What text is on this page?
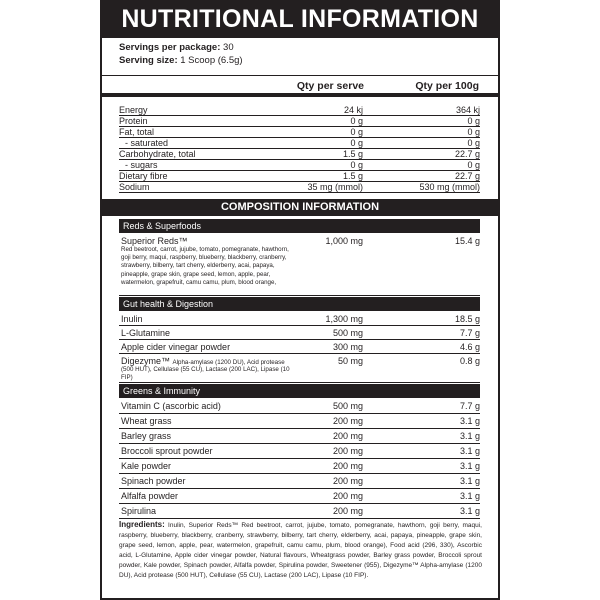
NUTRITIONAL INFORMATION
Servings per package: 30
Serving size: 1 Scoop (6.5g)
Qty per serve	Qty per 100g
Energy	24 kj	364 kj
Protein	0 g	0 g
Fat, total	0 g	0 g
- saturated	0 g	0 g
Carbohydrate, total	1.5 g	22.7 g
- sugars	0 g	0 g
Dietary fibre	1.5 g	22.7 g
Sodium	35 mg (mmol)	530 mg (mmol)
COMPOSITION INFORMATION
Reds & Superfoods
Superior Reds™	1,000 mg	15.4 g
Red beetroot, carrot, jujube, tomato, pomegranate, hawthorn, goji berry, maqui, raspberry, blueberry, blackberry, cranberry, strawberry, bilberry, tart cherry, elderberry, acai, papaya, pineapple, grape skin, grape seed, lemon, apple, pear, watermelon, grapefruit, camu camu, plum, blood orange,
Gut health & Digestion
Inulin	1,300 mg	18.5 g
L-Glutamine	500 mg	7.7 g
Apple cider vinegar powder	300 mg	4.6 g
Digezyme™ Alpha-amylase (1200 DU), Acid protease	50 mg	0.8 g
(500 HUT), Cellulase (55 CU), Lactase (200 LAC), Lipase (10 FIP)
Greens & Immunity
Vitamin C (ascorbic acid)	500 mg	7.7 g
Wheat grass	200 mg	3.1 g
Barley grass	200 mg	3.1 g
Broccoli sprout powder	200 mg	3.1 g
Kale powder	200 mg	3.1 g
Spinach powder	200 mg	3.1 g
Alfalfa powder	200 mg	3.1 g
Spirulina	200 mg	3.1 g
Ingredients: Inulin, Superior Reds™ Red beetroot, carrot, jujube, tomato, pomegranate, hawthorn, goji berry, maqui, raspberry, blueberry, blackberry, cranberry, strawberry, bilberry, tart cherry, elderberry, acai, papaya, pineapple, grape skin, grape seed, lemon, apple, pear, watermelon, grapefruit, camu camu, plum, blood orange), Food acid (296, 330), Ascorbic acid, L-Glutamine, Apple cider vinegar powder, Natural flavours, Wheatgrass powder, Barley grass powder, Broccoli sprout powder, Kale powder, Spinach powder, Alfalfa powder, Spirulina powder, Sweetener (955), Digezyme™ Alpha-amylase (1200 DU), Acid protease (500 HUT), Cellulase (55 CU), Lactase (200 LAC), Lipase (10 FIP).
